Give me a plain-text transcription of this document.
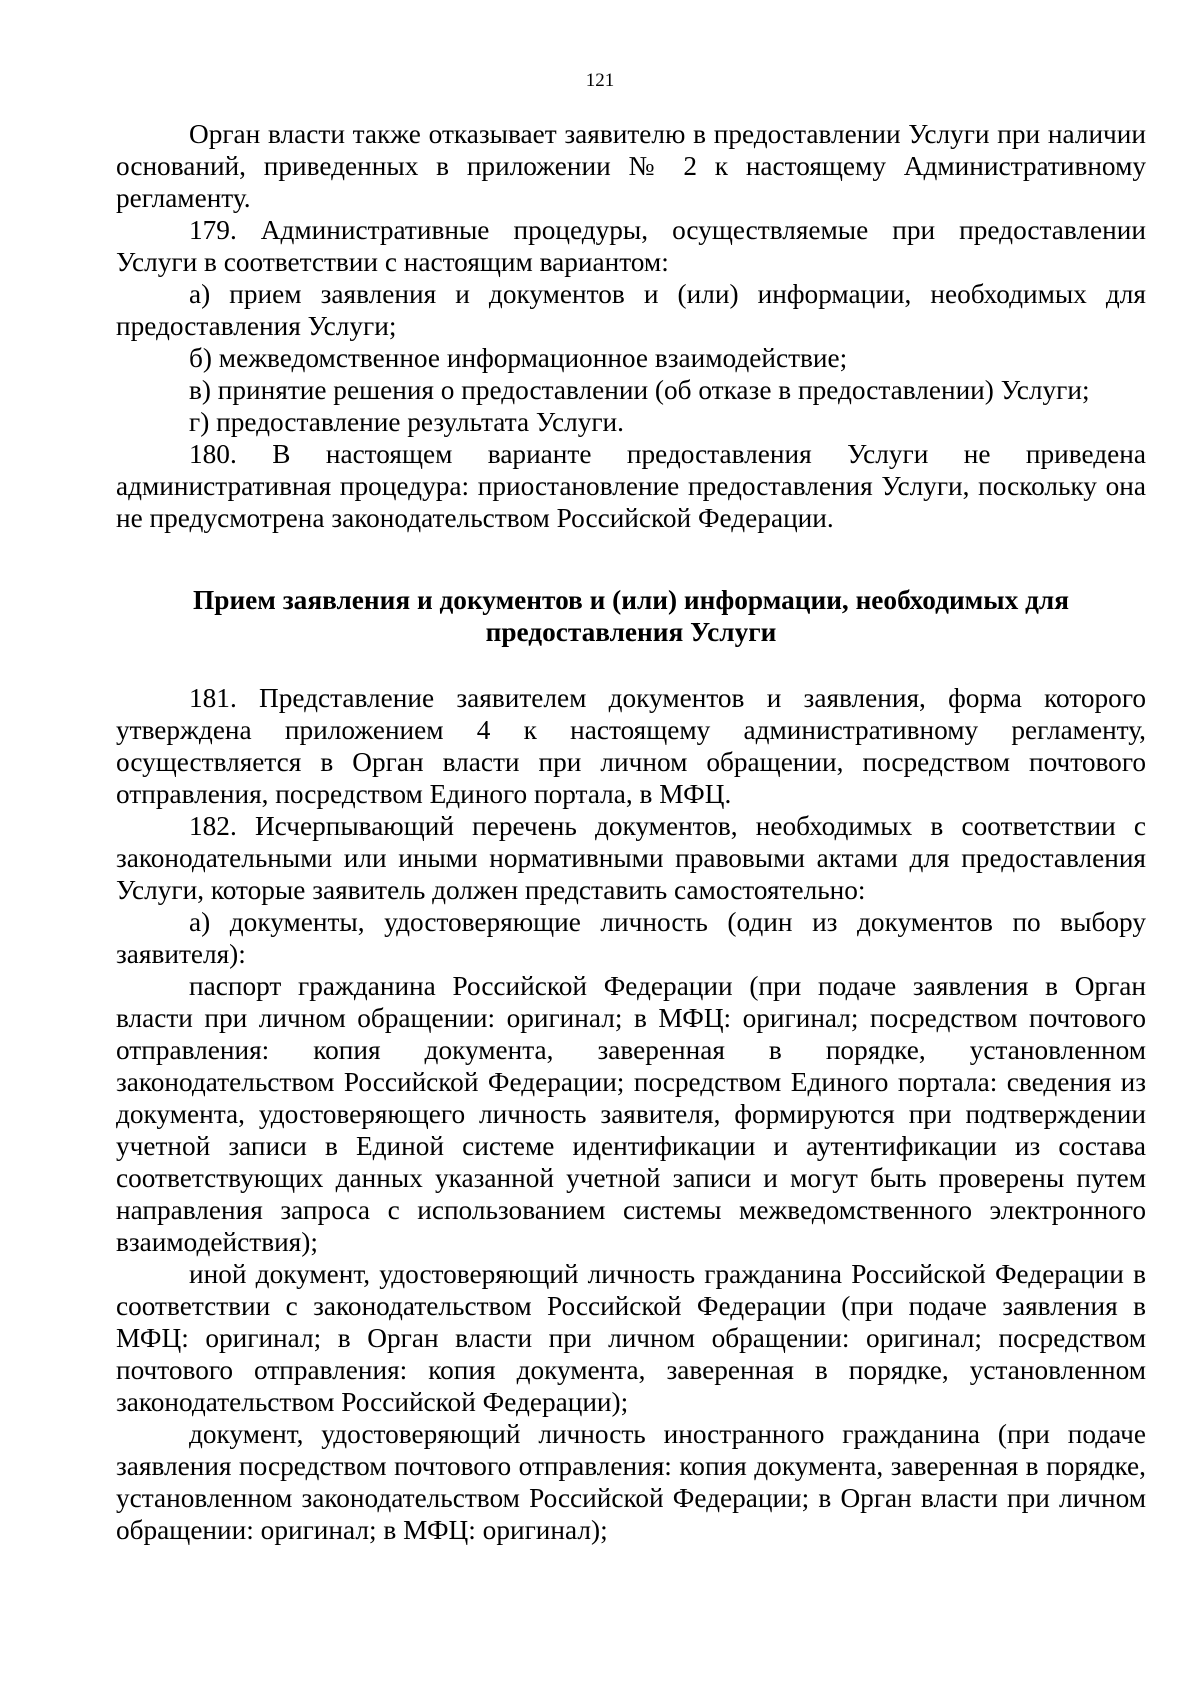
121

Орган власти также отказывает заявителю в предоставлении Услуги при наличии оснований, приведенных в приложении № 2 к настоящему Административному регламенту.

179. Административные процедуры, осуществляемые при предоставлении Услуги в соответствии с настоящим вариантом:

а) прием заявления и документов и (или) информации, необходимых для предоставления Услуги;

б) межведомственное информационное взаимодействие;

в) принятие решения о предоставлении (об отказе в предоставлении) Услуги;

г) предоставление результата Услуги.

180. В настоящем варианте предоставления Услуги не приведена административная процедура: приостановление предоставления Услуги, поскольку она не предусмотрена законодательством Российской Федерации.

Прием заявления и документов и (или) информации, необходимых для предоставления Услуги

181. Представление заявителем документов и заявления, форма которого утверждена приложением 4 к настоящему административному регламенту, осуществляется в Орган власти при личном обращении, посредством почтового отправления, посредством Единого портала, в МФЦ.

182. Исчерпывающий перечень документов, необходимых в соответствии с законодательными или иными нормативными правовыми актами для предоставления Услуги, которые заявитель должен представить самостоятельно:

а) документы, удостоверяющие личность (один из документов по выбору заявителя):

паспорт гражданина Российской Федерации (при подаче заявления в Орган власти при личном обращении: оригинал; в МФЦ: оригинал; посредством почтового отправления: копия документа, заверенная в порядке, установленном законодательством Российской Федерации; посредством Единого портала: сведения из документа, удостоверяющего личность заявителя, формируются при подтверждении учетной записи в Единой системе идентификации и аутентификации из состава соответствующих данных указанной учетной записи и могут быть проверены путем направления запроса с использованием системы межведомственного электронного взаимодействия);

иной документ, удостоверяющий личность гражданина Российской Федерации в соответствии с законодательством Российской Федерации (при подаче заявления в МФЦ: оригинал; в Орган власти при личном обращении: оригинал; посредством почтового отправления: копия документа, заверенная в порядке, установленном законодательством Российской Федерации);

документ, удостоверяющий личность иностранного гражданина (при подаче заявления посредством почтового отправления: копия документа, заверенная в порядке, установленном законодательством Российской Федерации; в Орган власти при личном обращении: оригинал; в МФЦ: оригинал);
